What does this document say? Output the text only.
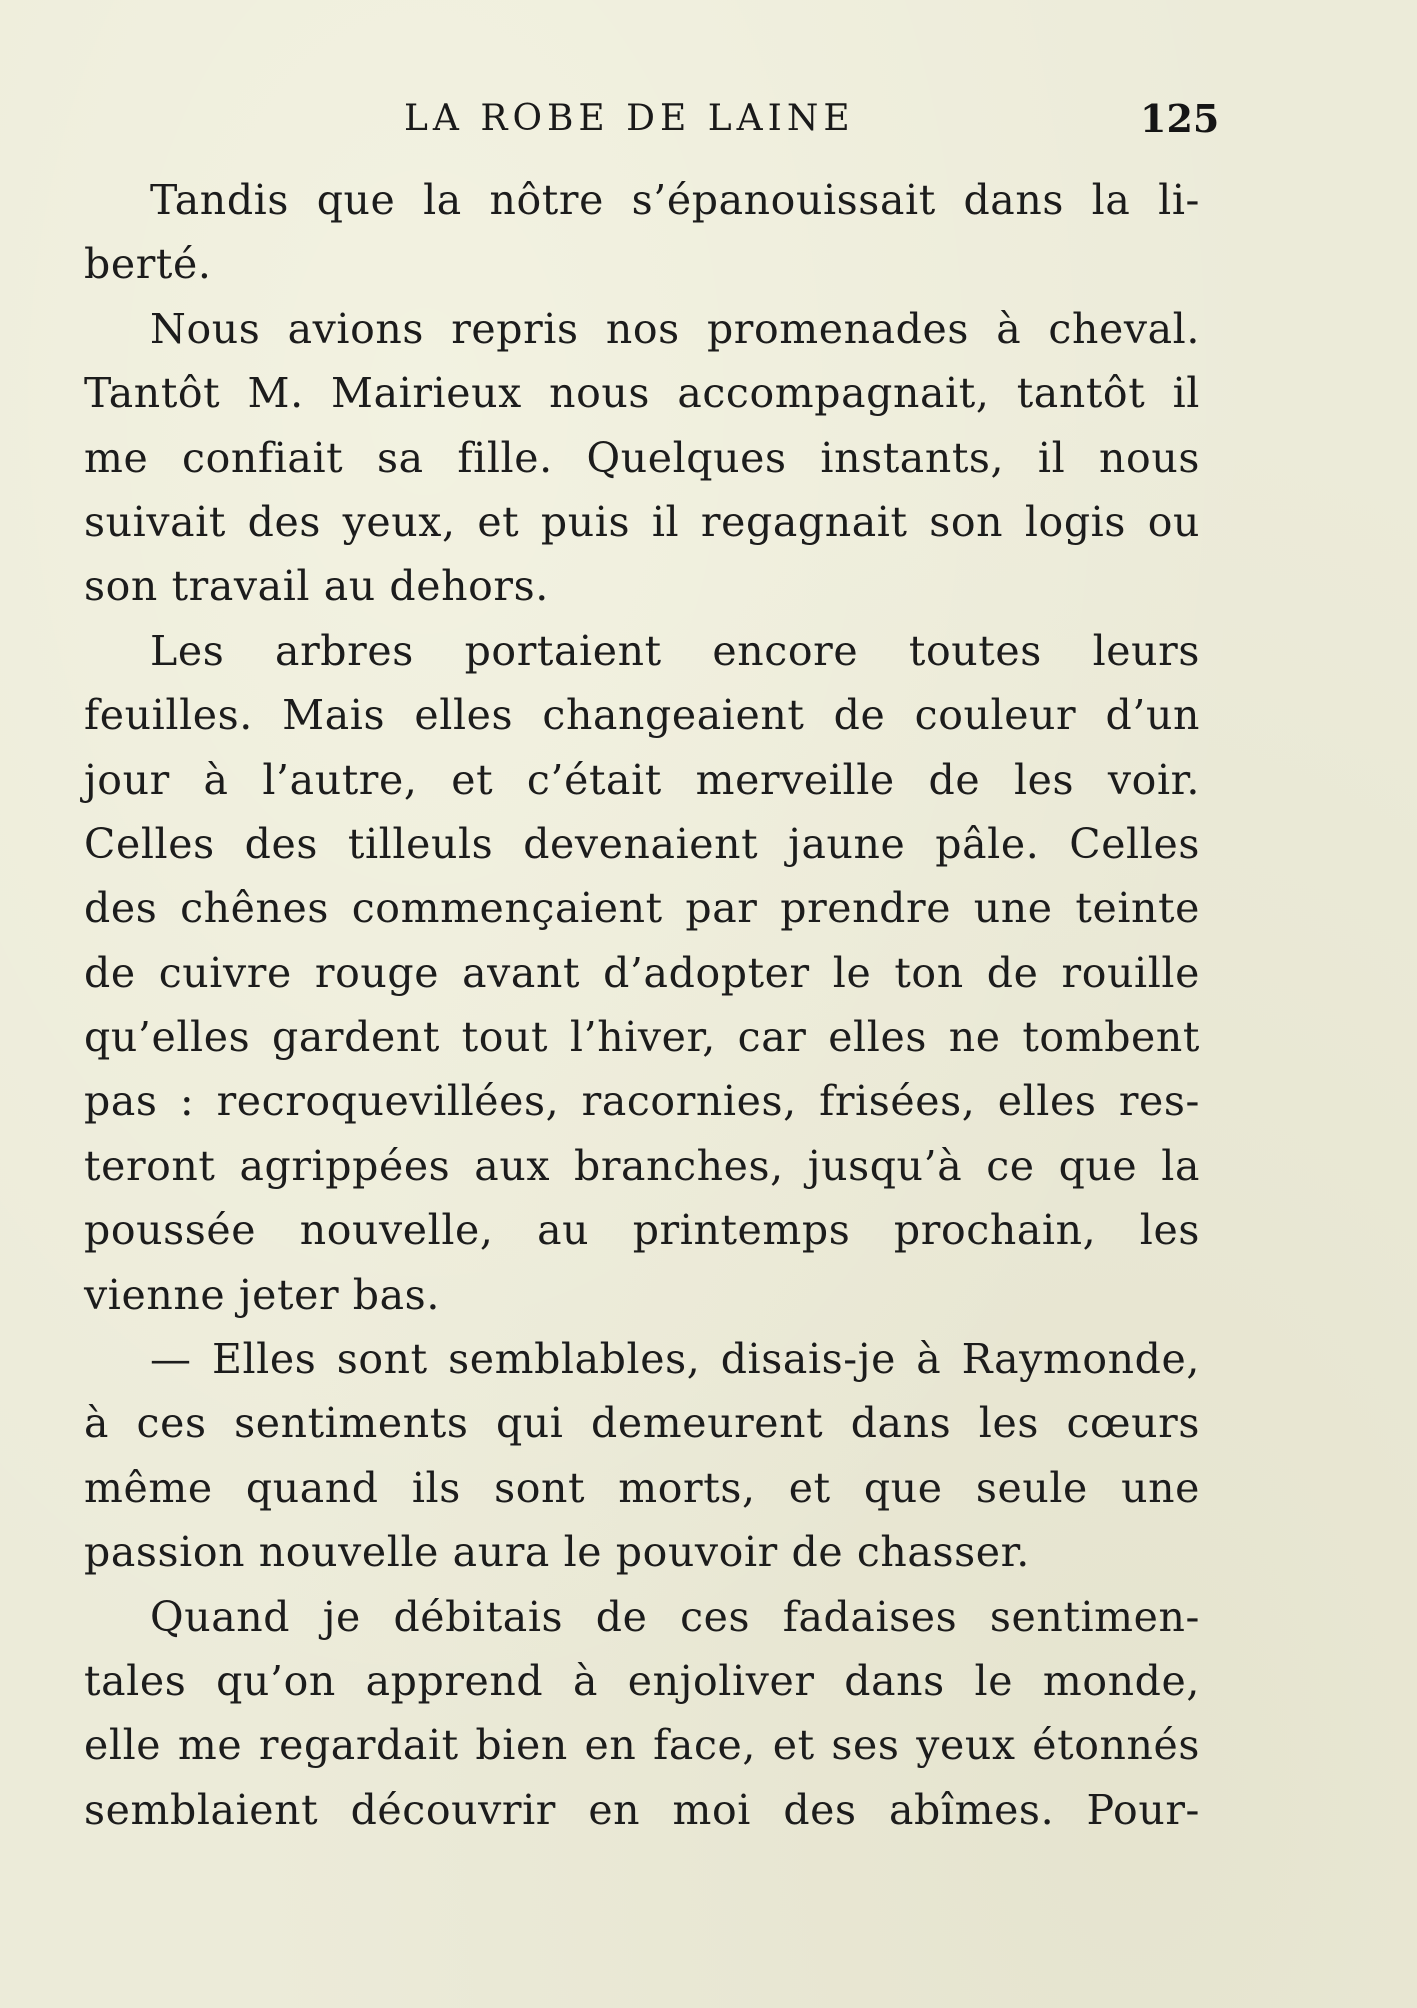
LA ROBE DE LAINE	125
Tandis que la nôtre s’épanouissait dans la li-
berté.
Nous avions repris nos promenades à cheval.
Tantôt M. Mairieux nous accompagnait, tantôt il
me confiait sa fille. Quelques instants, il nous
suivait des yeux, et puis il regagnait son logis ou
son travail au dehors.
Les arbres portaient encore toutes leurs
feuilles. Mais elles changeaient de couleur d’un
jour à l’autre, et c’était merveille de les voir.
Celles des tilleuls devenaient jaune pâle. Celles
des chênes commençaient par prendre une teinte
de cuivre rouge avant d’adopter le ton de rouille
qu’elles gardent tout l’hiver, car elles ne tombent
pas : recroquevillées, racornies, frisées, elles res-
teront agrippées aux branches, jusqu’à ce que la
poussée nouvelle, au printemps prochain, les
vienne jeter bas.
— Elles sont semblables, disais-je à Raymonde,
à ces sentiments qui demeurent dans les cœurs
même quand ils sont morts, et que seule une
passion nouvelle aura le pouvoir de chasser.
Quand je débitais de ces fadaises sentimen-
tales qu’on apprend à enjoliver dans le monde,
elle me regardait bien en face, et ses yeux étonnés
semblaient découvrir en moi des abîmes. Pour-
